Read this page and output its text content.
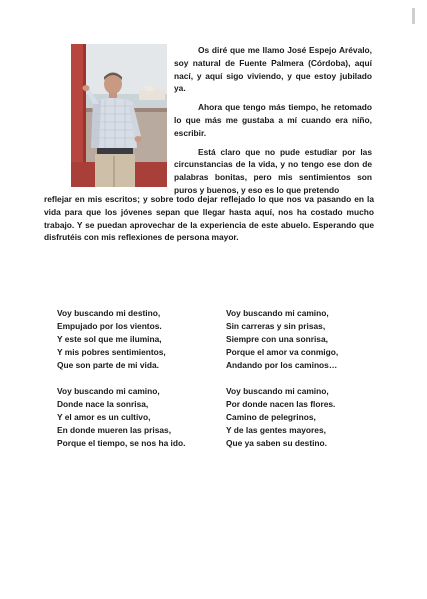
Os diré que me llamo José Espejo Arévalo, soy natural de Fuente Palmera (Córdoba), aquí nací, y aquí sigo viviendo, y que estoy jubilado ya.

Ahora que tengo más tiempo, he retomado lo que más me gustaba a mí cuando era niño, escribir.

Está claro que no pude estudiar por las circunstancias de la vida, y no tengo ese don de palabras bonitas, pero mis sentimientos son puros y buenos, y eso es lo que pretendo

reflejar en mis escritos; y sobre todo dejar reflejado lo que nos va pasando en la vida para que los jóvenes sepan que llegar hasta aquí, nos ha costado mucho trabajo. Y se puedan aprovechar de la experiencia de este abuelo. Esperando que disfrutéis con mis reflexiones de persona mayor.

Voy buscando mi destino,
Empujado por los vientos.
Y este sol que me ilumina,
Y mis pobres sentimientos,
Que son parte de mi vida.
Voy buscando mi camino,
Donde nace la sonrisa,
Y el amor es un cultivo,
En donde mueren las prisas,
Porque el tiempo, se nos ha ido.
Voy buscando mi camino,
Sin carreras y sin prisas,
Siempre con una sonrisa,
Porque el amor va conmigo,
Andando por los caminos…
Voy buscando mi camino,
Por donde nacen las flores.
Camino de pelegrinos,
Y de las gentes mayores,
Que ya saben su destino.
